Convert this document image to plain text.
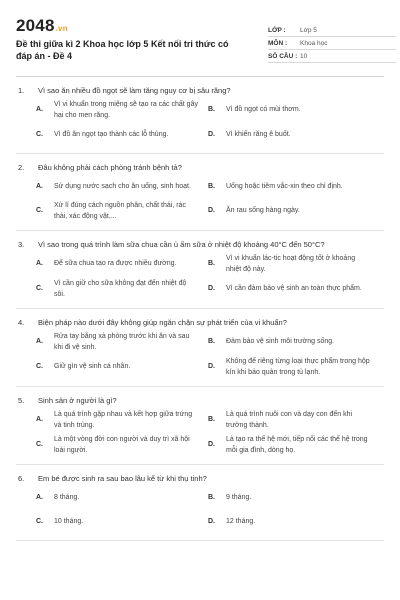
2048.vn
Đề thi giữa kì 2 Khoa học lớp 5 Kết nối tri thức có đáp án - Đề 4
LỚP :	Lớp 5
MÔN :	Khoa học
SỐ CÂU : 10
1.	Vì sao ăn nhiều đồ ngọt sẽ làm tăng nguy cơ bị sâu răng?
A.
Vì vi khuẩn trong miệng sẽ tạo ra các chất gây hại cho men răng.
B.	Vì đồ ngọt có mùi thơm.
C.	Vì đồ ăn ngọt tạo thành các lỗ thủng.	D.	Vì khiến răng ê buốt.
2.	Đâu không phải cách phòng tránh bệnh tả?
A.	Sử dụng nước sạch cho ăn uống, sinh hoạt.	B.	Uống hoặc tiêm vắc-xin theo chỉ định.
C.
Xử lí đúng cách nguồn phân, chất thải, rác thải, xác động vật,...
D.	Ăn rau sống hàng ngày.
3.	Vì sao trong quá trình làm sữa chua cần ủ ấm sữa ở nhiệt độ khoảng 40°C đến 50°C?
A.	Để sữa chua tạo ra được nhiều đường.	B.
Vì vi khuẩn lác-tic hoạt động tốt ở khoảng nhiệt độ này.
C.
Vì cần giữ cho sữa không đạt đến nhiệt độ sôi.
D.	Vì cần đảm bảo vệ sinh an toàn thực phẩm.
4.	Biện pháp nào dưới đây không giúp ngăn chặn sự phát triển của vi khuẩn?
A.
Rửa tay bằng xà phòng trước khi ăn và sau khi đi vệ sinh.
B.	Đảm bảo vệ sinh môi trường sống.
C.	Giữ gìn vệ sinh cá nhân.	D.
Không để riêng từng loại thực phẩm trong hộp kín khi bảo quản trong tủ lạnh.
5.	Sinh sản ở người là gì?
A.
Là quá trình gặp nhau và kết hợp giữa trứng và tinh trùng.
B.
Là quá trình nuôi con và dạy con đến khi trưởng thành.
C.
Là một vòng đời con người và duy trì xã hội loài người.
D.
Là tạo ra thế hệ mới, tiếp nối các thế hệ trong mỗi gia đình, dòng họ.
6.	Em bé được sinh ra sau bao lâu kể từ khi thụ tinh?
A.	8 tháng.	B.	9 tháng.
C.	10 tháng.	D.	12 tháng.
